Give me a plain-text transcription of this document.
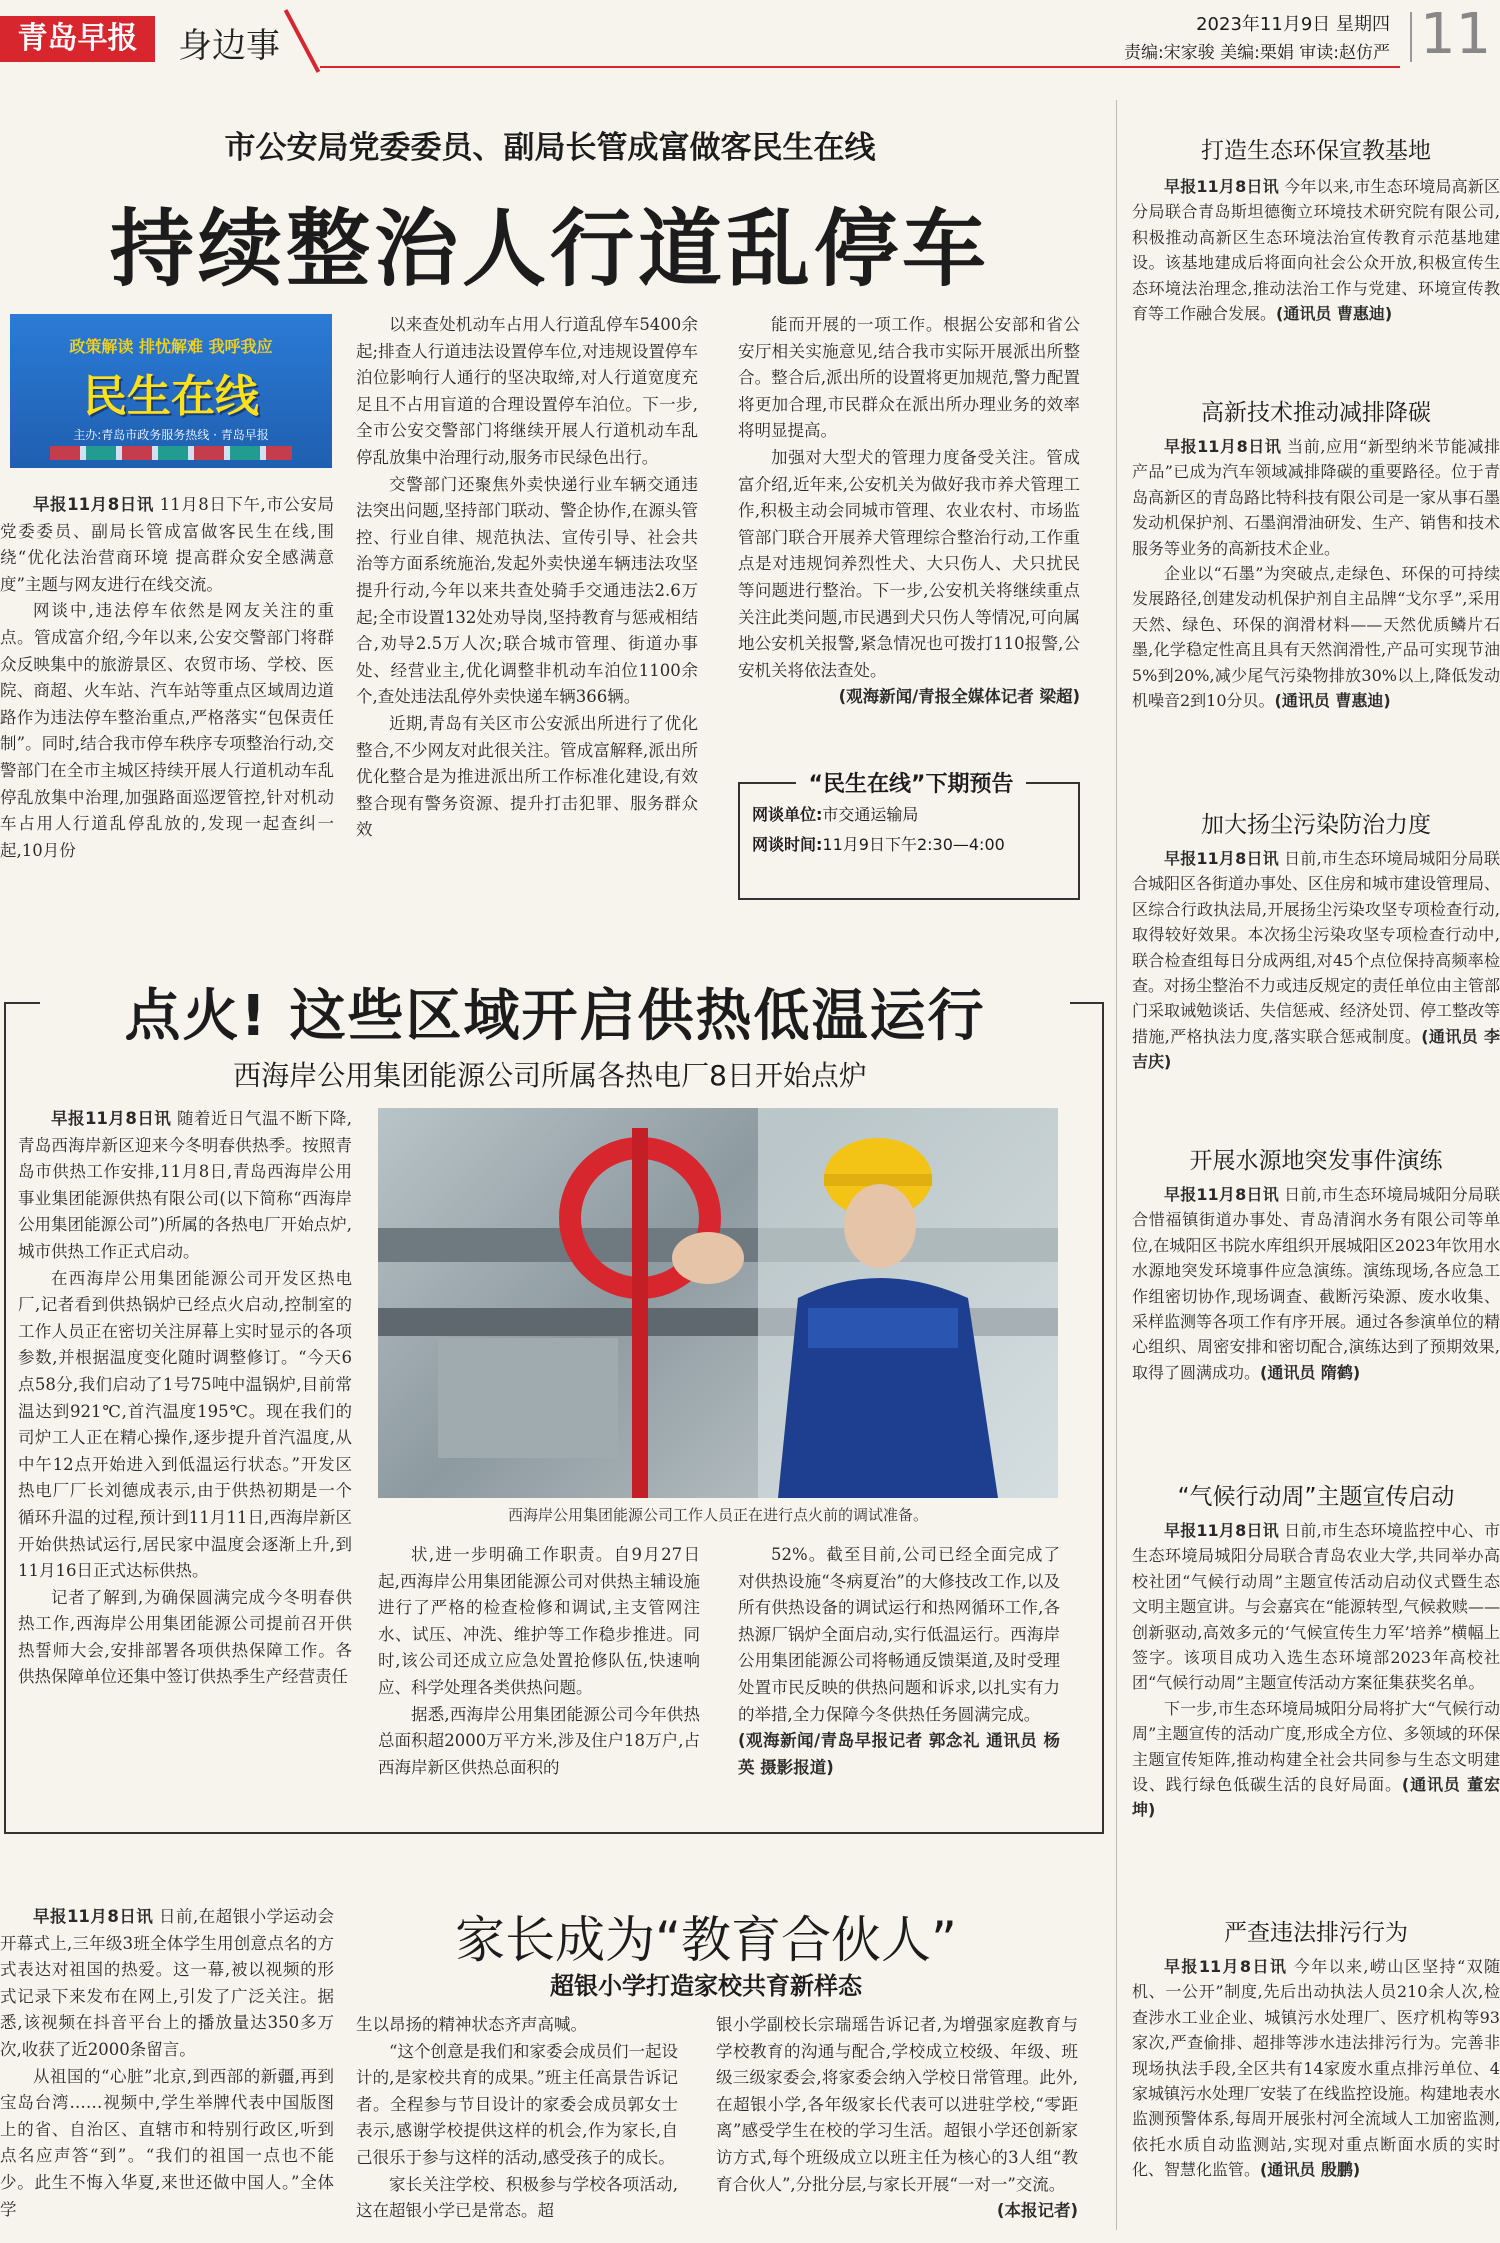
青岛早报	身边事
2023年11月9日 星期四
责编:宋家骏 美编:栗娟 审读:赵仿严 11
市公安局党委委员、副局长管成富做客民生在线
持续整治人行道乱停车
政策解读 排忧解难 我呼我应
民生在线
主办:青岛市政务服务热线 · 青岛早报

早报11月8日讯 11月8日下午,市公安局党委委员、副局长管成富做客民生在线,围绕“优化法治营商环境 提高群众安全感满意度”主题与网友进行在线交流。

网谈中,违法停车依然是网友关注的重点。管成富介绍,今年以来,公安交警部门将群众反映集中的旅游景区、农贸市场、学校、医院、商超、火车站、汽车站等重点区域周边道路作为违法停车整治重点,严格落实“包保责任制”。同时,结合我市停车秩序专项整治行动,交警部门在全市主城区持续开展人行道机动车乱停乱放集中治理,加强路面巡逻管控,针对机动车占用人行道乱停乱放的,发现一起查纠一起,10月份

以来查处机动车占用人行道乱停车5400余起;排查人行道违法设置停车位,对违规设置停车泊位影响行人通行的坚决取缔,对人行道宽度充足且不占用盲道的合理设置停车泊位。下一步,全市公安交警部门将继续开展人行道机动车乱停乱放集中治理行动,服务市民绿色出行。

交警部门还聚焦外卖快递行业车辆交通违法突出问题,坚持部门联动、警企协作,在源头管控、行业自律、规范执法、宣传引导、社会共治等方面系统施治,发起外卖快递车辆违法攻坚提升行动,今年以来共查处骑手交通违法2.6万起;全市设置132处劝导岗,坚持教育与惩戒相结合,劝导2.5万人次;联合城市管理、街道办事处、经营业主,优化调整非机动车泊位1100余个,查处违法乱停外卖快递车辆366辆。

近期,青岛有关区市公安派出所进行了优化整合,不少网友对此很关注。管成富解释,派出所优化整合是为推进派出所工作标准化建设,有效整合现有警务资源、提升打击犯罪、服务群众效

能而开展的一项工作。根据公安部和省公安厅相关实施意见,结合我市实际开展派出所整合。整合后,派出所的设置将更加规范,警力配置将更加合理,市民群众在派出所办理业务的效率将明显提高。

加强对大型犬的管理力度备受关注。管成富介绍,近年来,公安机关为做好我市养犬管理工作,积极主动会同城市管理、农业农村、市场监管部门联合开展养犬管理综合整治行动,工作重点是对违规饲养烈性犬、大只伤人、犬只扰民等问题进行整治。下一步,公安机关将继续重点关注此类问题,市民遇到犬只伤人等情况,可向属地公安机关报警,紧急情况也可拨打110报警,公安机关将依法查处。

(观海新闻/青报全媒体记者 梁超)
“民生在线”下期预告
网谈单位:市交通运输局
网谈时间:11月9日下午2:30—4:00
点火! 这些区域开启供热低温运行
西海岸公用集团能源公司所属各热电厂8日开始点炉

早报11月8日讯 随着近日气温不断下降,青岛西海岸新区迎来今冬明春供热季。按照青岛市供热工作安排,11月8日,青岛西海岸公用事业集团能源供热有限公司(以下简称“西海岸公用集团能源公司”)所属的各热电厂开始点炉,城市供热工作正式启动。

在西海岸公用集团能源公司开发区热电厂,记者看到供热锅炉已经点火启动,控制室的工作人员正在密切关注屏幕上实时显示的各项参数,并根据温度变化随时调整修订。“今天6点58分,我们启动了1号75吨中温锅炉,目前常温达到921℃,首汽温度195℃。现在我们的司炉工人正在精心操作,逐步提升首汽温度,从中午12点开始进入到低温运行状态。”开发区热电厂厂长刘德成表示,由于供热初期是一个循环升温的过程,预计到11月11日,西海岸新区开始供热试运行,居民家中温度会逐渐上升,到11月16日正式达标供热。

记者了解到,为确保圆满完成今冬明春供热工作,西海岸公用集团能源公司提前召开供热誓师大会,安排部署各项供热保障工作。各供热保障单位还集中签订供热季生产经营责任

西海岸公用集团能源公司工作人员正在进行点火前的调试准备。

状,进一步明确工作职责。自9月27日起,西海岸公用集团能源公司对供热主辅设施进行了严格的检查检修和调试,主支管网注水、试压、冲洗、维护等工作稳步推进。同时,该公司还成立应急处置抢修队伍,快速响应、科学处理各类供热问题。

据悉,西海岸公用集团能源公司今年供热总面积超2000万平方米,涉及住户18万户,占西海岸新区供热总面积的

52%。截至目前,公司已经全面完成了对供热设施“冬病夏治”的大修技改工作,以及所有供热设备的调试运行和热网循环工作,各热源厂锅炉全面启动,实行低温运行。西海岸公用集团能源公司将畅通反馈渠道,及时受理处置市民反映的供热问题和诉求,以扎实有力的举措,全力保障今冬供热任务圆满完成。

(观海新闻/青岛早报记者 郭念礼 通讯员 杨英 摄影报道)

早报11月8日讯 日前,在超银小学运动会开幕式上,三年级3班全体学生用创意点名的方式表达对祖国的热爱。这一幕,被以视频的形式记录下来发布在网上,引发了广泛关注。据悉,该视频在抖音平台上的播放量达350多万次,收获了近2000条留言。

从祖国的“心脏”北京,到西部的新疆,再到宝岛台湾……视频中,学生举牌代表中国版图上的省、自治区、直辖市和特别行政区,听到点名应声答“到”。“我们的祖国一点也不能少。此生不悔入华夏,来世还做中国人。”全体学

家长成为“教育合伙人”
超银小学打造家校共育新样态

生以昂扬的精神状态齐声高喊。

“这个创意是我们和家委会成员们一起设计的,是家校共育的成果。”班主任高景告诉记者。全程参与节目设计的家委会成员郭女士表示,感谢学校提供这样的机会,作为家长,自己很乐于参与这样的活动,感受孩子的成长。

家长关注学校、积极参与学校各项活动,这在超银小学已是常态。超

银小学副校长宗瑞瑶告诉记者,为增强家庭教育与学校教育的沟通与配合,学校成立校级、年级、班级三级家委会,将家委会纳入学校日常管理。此外,在超银小学,各年级家长代表可以进驻学校,“零距离”感受学生在校的学习生活。超银小学还创新家访方式,每个班级成立以班主任为核心的3人组“教育合伙人”,分批分层,与家长开展“一对一”交流。

(本报记者)
打造生态环保宣教基地

早报11月8日讯 今年以来,市生态环境局高新区分局联合青岛斯坦德衡立环境技术研究院有限公司,积极推动高新区生态环境法治宣传教育示范基地建设。该基地建成后将面向社会公众开放,积极宣传生态环境法治理念,推动法治工作与党建、环境宣传教育等工作融合发展。(通讯员 曹惠迪)

高新技术推动减排降碳

早报11月8日讯 当前,应用“新型纳米节能减排产品”已成为汽车领域减排降碳的重要路径。位于青岛高新区的青岛路比特科技有限公司是一家从事石墨发动机保护剂、石墨润滑油研发、生产、销售和技术服务等业务的高新技术企业。

企业以“石墨”为突破点,走绿色、环保的可持续发展路径,创建发动机保护剂自主品牌“戈尔孚”,采用天然、绿色、环保的润滑材料——天然优质鳞片石墨,化学稳定性高且具有天然润滑性,产品可实现节油5%到20%,减少尾气污染物排放30%以上,降低发动机噪音2到10分贝。(通讯员 曹惠迪)

加大扬尘污染防治力度

早报11月8日讯 日前,市生态环境局城阳分局联合城阳区各街道办事处、区住房和城市建设管理局、区综合行政执法局,开展扬尘污染攻坚专项检查行动,取得较好效果。本次扬尘污染攻坚专项检查行动中,联合检查组每日分成两组,对45个点位保持高频率检查。对扬尘整治不力或违反规定的责任单位由主管部门采取诫勉谈话、失信惩戒、经济处罚、停工整改等措施,严格执法力度,落实联合惩戒制度。(通讯员 李吉庆)

开展水源地突发事件演练

早报11月8日讯 日前,市生态环境局城阳分局联合惜福镇街道办事处、青岛清润水务有限公司等单位,在城阳区书院水库组织开展城阳区2023年饮用水水源地突发环境事件应急演练。演练现场,各应急工作组密切协作,现场调查、截断污染源、废水收集、采样监测等各项工作有序开展。通过各参演单位的精心组织、周密安排和密切配合,演练达到了预期效果,取得了圆满成功。(通讯员 隋鹤)

“气候行动周”主题宣传启动

早报11月8日讯 日前,市生态环境监控中心、市生态环境局城阳分局联合青岛农业大学,共同举办高校社团“气候行动周”主题宣传活动启动仪式暨生态文明主题宣讲。与会嘉宾在“能源转型,气候救赎——创新驱动,高效多元的‘气候宣传生力军’培养”横幅上签字。该项目成功入选生态环境部2023年高校社团“气候行动周”主题宣传活动方案征集获奖名单。

下一步,市生态环境局城阳分局将扩大“气候行动周”主题宣传的活动广度,形成全方位、多领域的环保主题宣传矩阵,推动构建全社会共同参与生态文明建设、践行绿色低碳生活的良好局面。(通讯员 董宏坤)

严查违法排污行为

早报11月8日讯 今年以来,崂山区坚持“双随机、一公开”制度,先后出动执法人员210余人次,检查涉水工业企业、城镇污水处理厂、医疗机构等93家次,严查偷排、超排等涉水违法排污行为。完善非现场执法手段,全区共有14家废水重点排污单位、4家城镇污水处理厂安装了在线监控设施。构建地表水监测预警体系,每周开展张村河全流域人工加密监测,依托水质自动监测站,实现对重点断面水质的实时化、智慧化监管。(通讯员 殷鹏)
